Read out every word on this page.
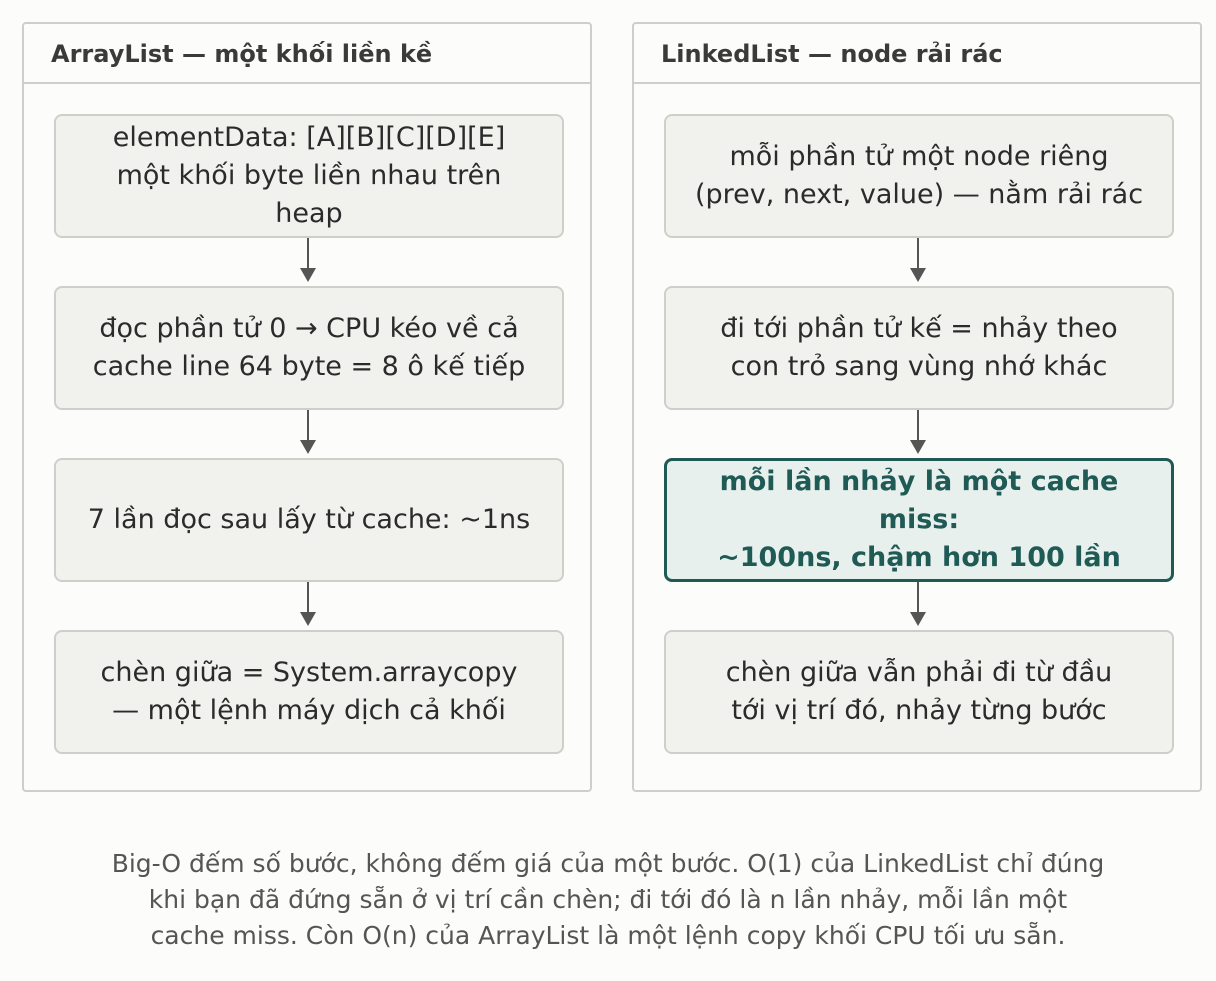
ArrayList — một khối liền kề
elementData: [A][B][C][D][E]
một khối byte liền nhau trên
heap
đọc phần tử 0 → CPU kéo về cả
cache line 64 byte = 8 ô kế tiếp
7 lần đọc sau lấy từ cache: ~1ns
chèn giữa = System.arraycopy
— một lệnh máy dịch cả khối
LinkedList — node rải rác
mỗi phần tử một node riêng
(prev, next, value) — nằm rải rác
đi tới phần tử kế = nhảy theo
con trỏ sang vùng nhớ khác
mỗi lần nhảy là một cache
miss:
~100ns, chậm hơn 100 lần
chèn giữa vẫn phải đi từ đầu
tới vị trí đó, nhảy từng bước
Big-O đếm số bước, không đếm giá của một bước. O(1) của LinkedList chỉ đúng
khi bạn đã đứng sẵn ở vị trí cần chèn; đi tới đó là n lần nhảy, mỗi lần một
cache miss. Còn O(n) của ArrayList là một lệnh copy khối CPU tối ưu sẵn.
